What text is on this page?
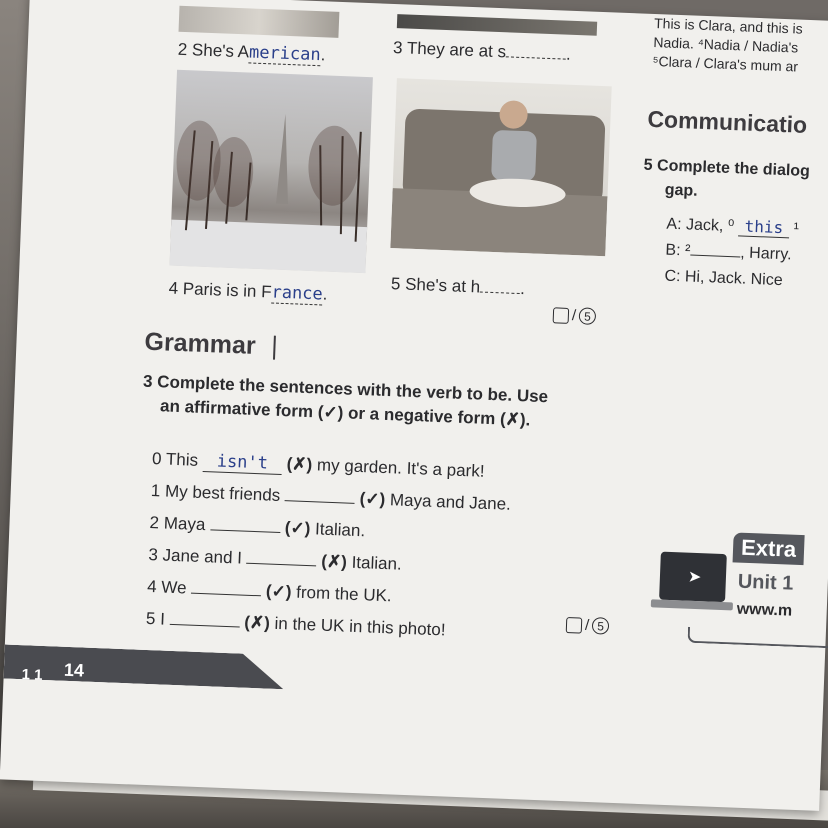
2 She's American.	3 They are at s	.
4 Paris is in France.	5 She's at h .
/ 5
This is Clara, and this is
Nadia. ⁴Nadia / Nadia's
⁵Clara / Clara's mum ar
Communicatio
5 Complete the dialog
gap.
A: Jack, ⁰ this ¹
B: ²	, Harry.
C: Hi, Jack. Nice
Grammar
3 Complete the sentences with the verb to be. Use
an affirmative form (✓) or a negative form (✗).
0 This isn't (✗) my garden. It's a park!
1 My best friends	(✓) Maya and Jane.
2 Maya	(✓) Italian.
3 Jane and I	(✗) Italian.
4 We	(✓) from the UK.
5 I	(✗) in the UK in this photo!	/ 5
Extra
➤ Unit 1
www.m
1 1 14
